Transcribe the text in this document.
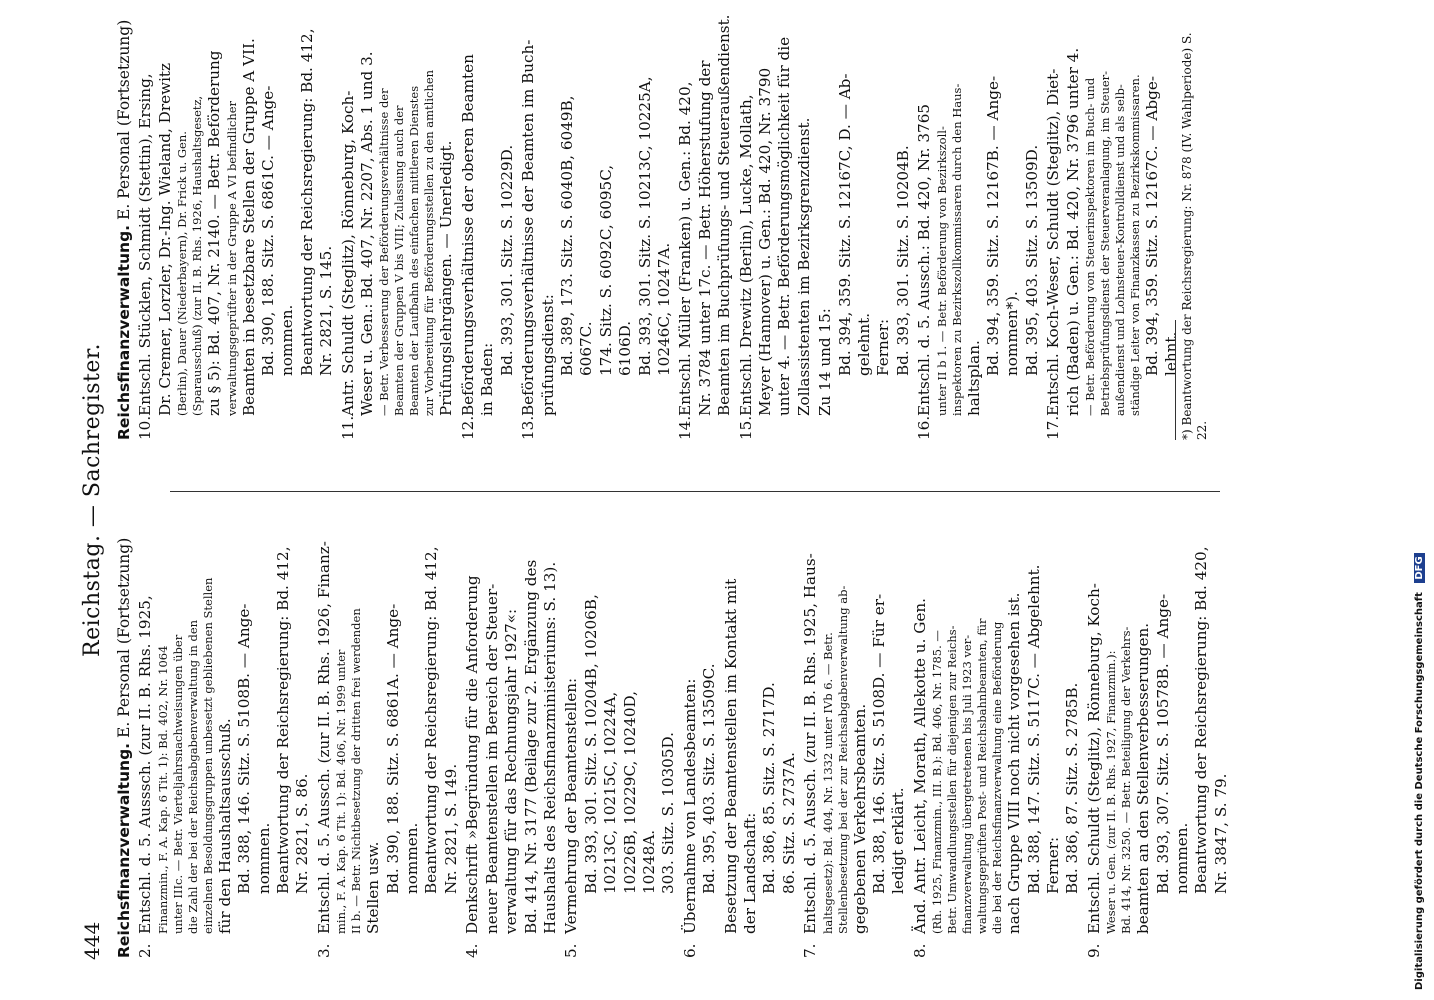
444
Reichstag. — Sachregister.
Reichsfinanzverwaltung. E. Personal (Fortsetzung)
2.
Entschl. d. 5. Ausssch. (zur II. B. Rhs. 1925, Finanzmin., F. A. Kap. 6 Tit. 1): Bd. 402, Nr. 1064 unter IIIc. — Betr. Vierteljahrsnachweisungen über die Zahl der bei der Reichsabgabenverwaltung in den einzelnen Besoldungsgruppen unbesetzt gebliebenen Stellen für den Haushaltsausschuß. Bd. 388, 146. Sitz. S. 5108B. — Ange- nommen. Beantwortung der Reichsregierung: Bd. 412, Nr. 2821, S. 86.
3.
Entschl. d. 5. Aussch. (zur II. B. Rhs. 1926, Finanz- min., F. A. Kap. 6 Tit. 1): Bd. 406, Nr. 1999 unter II b. — Betr. Nichtbesetzung der dritten frei werdenden Stellen usw. Bd. 390, 188. Sitz. S. 6861A. — Ange- nommen. Beantwortung der Reichsregierung: Bd. 412, Nr. 2821, S. 149.
4.
Denkschrift »Begründung für die Anforderung neuer Beamtenstellen im Bereich der Steuer- verwaltung für das Rechnungsjahr 1927«: Bd. 414, Nr. 3177 (Beilage zur 2. Ergänzung des Haushalts des Reichsfinanzministeriums: S. 13).
5.
Vermehrung der Beamtenstellen: Bd. 393, 301. Sitz. S. 10204B, 10206B, 10213C, 10215C, 10224A, 10226B, 10229C, 10240D, 10248A. 303. Sitz. S. 10305D.
6.
Übernahme von Landesbeamten: Bd. 395, 403. Sitz. S. 13509C. Besetzung der Beamtenstellen im Kontakt mit der Landschaft: Bd. 386, 85. Sitz. S. 2717D. 86. Sitz. S. 2737A.
7.
Entschl. d. 5. Aussch. (zur II. B. Rhs. 1925, Haus- haltsgesetz): Bd. 404, Nr. 1332 unter IVb 6. — Betr. Stellenbesetzung bei der zur Reichsabgabenverwaltung ab- gegebenen Verkehrsbeamten. Bd. 388, 146. Sitz. S. 5108D. — Für er- ledigt erklärt.
8.
Änd. Antr. Leicht, Morath, Allekotte u. Gen. (Rh. 1925, Finanzmin., III. B.): Bd. 406, Nr. 1785. — Betr. Umwandlungsstellen für diejenigen zur Reichs- finanzverwaltung übergetretenen bis Juli 1923 ver- waltungsgeprüften Post- und Reichsbahnbeamten, für die bei der Reichsfinanzverwaltung eine Beförderung nach Gruppe VIII noch nicht vorgesehen ist. Bd. 388, 147. Sitz. S. 5117C. — Abgelehnt. Ferner: Bd. 386, 87. Sitz. S. 2785B.
9.
Entschl. Schuldt (Steglitz), Rönneburg, Koch- Weser u. Gen. (zur II. B. Rhs. 1927, Finanzmin.): Bd. 414, Nr. 3250. — Betr. Beteiligung der Verkehrs- beamten an den Stellenverbesserungen. Bd. 393, 307. Sitz. S. 10578B. — Ange- nommen. Beantwortung der Reichsregierung: Bd. 420, Nr. 3847, S. 79.
Reichsfinanzverwaltung. E. Personal (Fortsetzung)
10.
Entschl. Stücklen, Schmidt (Stettin), Ersing, Dr. Cremer, Lorzler, Dr.-Ing. Wieland, Drewitz (Berlin), Dauer (Niederbayern), Dr. Frick u. Gen. (Sparausschuß) (zur II. B. Rhs. 1926, Haushaltsgesetz, zu § 5): Bd. 407, Nr. 2140. — Betr. Beförderung verwaltungsgeprüfter in der Gruppe A VI befindlicher Beamten in besetzbare Stellen der Gruppe A VII. Bd. 390, 188. Sitz. S. 6861C. — Ange- nommen. Beantwortung der Reichsregierung: Bd. 412, Nr. 2821, S. 145.
11.
Antr. Schuldt (Steglitz), Rönneburg, Koch- Weser u. Gen.: Bd. 407, Nr. 2207, Abs. 1 und 3. — Betr. Verbesserung der Beförderungsverhältnisse der Beamten der Gruppen V bis VIII; Zulassung auch der Beamten der Laufbahn des einfachen mittleren Dienstes zur Vorbereitung für Beförderungsstellen zu den amtlichen Prüfungslehrgängen. — Unerledigt.
12.
Beförderungsverhältnisse der oberen Beamten in Baden:
Bd. 393, 301. Sitz. S. 10229D.
13.
Beförderungsverhältnisse der Beamten im Buch- prüfungsdienst: Bd. 389, 173. Sitz. S. 6040B, 6049B, 6067C. 174. Sitz. S. 6092C, 6095C, 6106D. Bd. 393, 301. Sitz. S. 10213C, 10225A, 10246C, 10247A.
14.
Entschl. Müller (Franken) u. Gen.: Bd. 420, Nr. 3784 unter 17c. — Betr. Höherstufung der Beamten im Buchprüfungs- und Steueraußendienst.
15.
Entschl. Drewitz (Berlin), Lucke, Mollath, Meyer (Hannover) u. Gen.: Bd. 420, Nr. 3790 unter 4. — Betr. Beförderungsmöglichkeit für die Zollassistenten im Bezirksgrenzdienst. Zu 14 und 15: Bd. 394, 359. Sitz. S. 12167C, D. — Ab- gelehnt. Ferner: Bd. 393, 301. Sitz. S. 10204B.
16.
Entschl. d. 5. Aussch.: Bd. 420, Nr. 3765 unter II b 1. — Betr. Beförderung von Bezirkszoll- inspektoren zu Bezirkszollkommissaren durch den Haus- haltsplan.
Bd. 394, 359. Sitz. S. 12167B. — Ange- nommen*). Bd. 395, 403. Sitz. S. 13509D.
17.
Entschl. Koch-Weser, Schuldt (Steglitz), Diet- rich (Baden) u. Gen.: Bd. 420, Nr. 3796 unter 4. — Betr. Beförderung von Steuerinspektoren im Buch- und Betriebsprüfungsdienst der Steuerveranlagung, im Steuer- außendienst und Lohnsteuer-Kontrolldienst und als selb- ständige Leiter von Finanzkassen zu Bezirkskommissaren. Bd. 394, 359. Sitz. S. 12167C. — Abge- lehnt. *) Beantwortung der Reichsregierung: Nr. 878 (IV. Wahlperiode) S. 22.
Digitalisierung gefördert durch die Deutsche Forschungsgemeinschaft DFG
